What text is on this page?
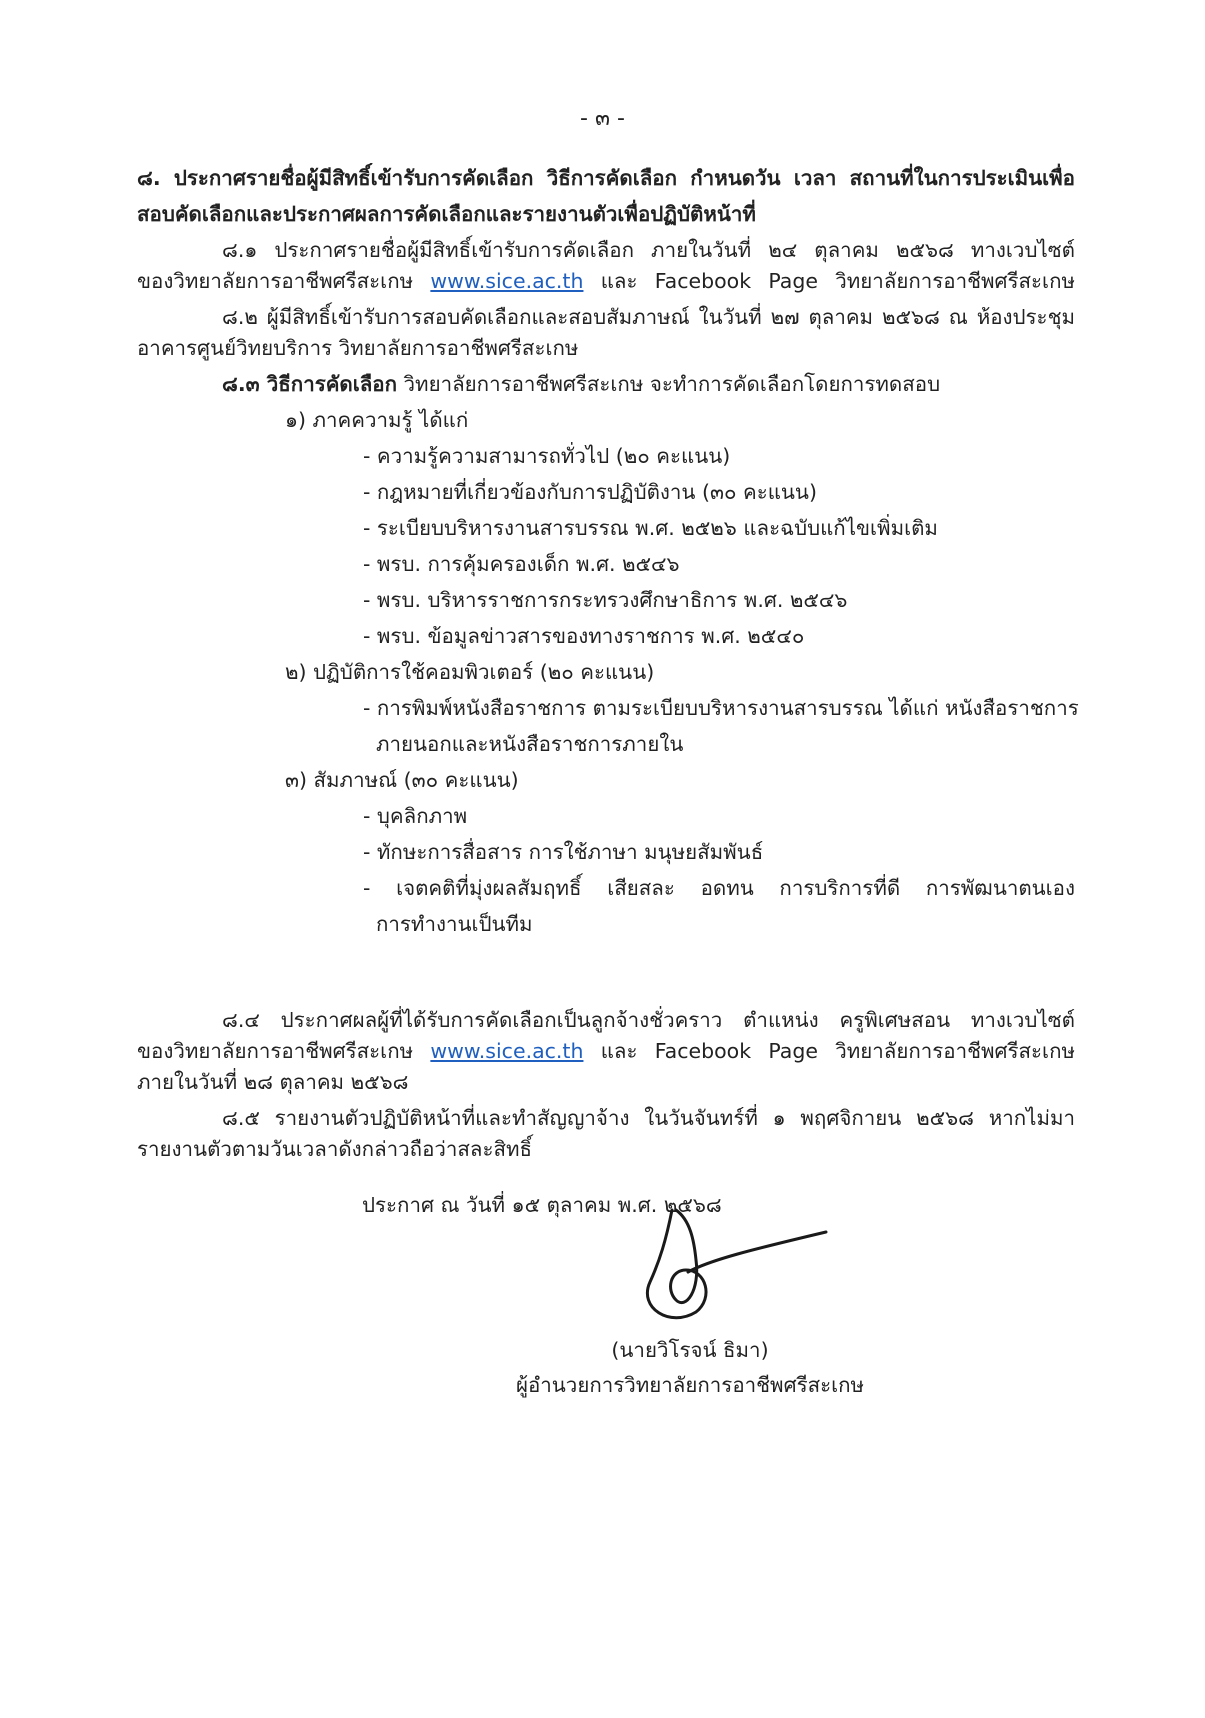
- ๓ -
๘. ประกาศรายชื่อผู้มีสิทธิ์เข้ารับการคัดเลือก วิธีการคัดเลือก กำหนดวัน เวลา สถานที่ในการประเมินเพื่อ
สอบคัดเลือกและประกาศผลการคัดเลือกและรายงานตัวเพื่อปฏิบัติหน้าที่
๘.๑ ประกาศรายชื่อผู้มีสิทธิ์เข้ารับการคัดเลือก ภายในวันที่ ๒๔ ตุลาคม ๒๕๖๘ ทางเวบไซต์
ของวิทยาลัยการอาชีพศรีสะเกษ www.sice.ac.th และ Facebook Page วิทยาลัยการอาชีพศรีสะเกษ
๘.๒ ผู้มีสิทธิ์เข้ารับการสอบคัดเลือกและสอบสัมภาษณ์ ในวันที่ ๒๗ ตุลาคม ๒๕๖๘ ณ ห้องประชุม
อาคารศูนย์วิทยบริการ วิทยาลัยการอาชีพศรีสะเกษ
๘.๓ วิธีการคัดเลือก วิทยาลัยการอาชีพศรีสะเกษ จะทำการคัดเลือกโดยการทดสอบ
๑) ภาคความรู้ ได้แก่
- ความรู้ความสามารถทั่วไป (๒๐ คะแนน)
- กฎหมายที่เกี่ยวข้องกับการปฏิบัติงาน (๓๐ คะแนน)
- ระเบียบบริหารงานสารบรรณ พ.ศ. ๒๕๒๖ และฉบับแก้ไขเพิ่มเติม
- พรบ. การคุ้มครองเด็ก พ.ศ. ๒๕๔๖
- พรบ. บริหารราชการกระทรวงศึกษาธิการ พ.ศ. ๒๕๔๖
- พรบ. ข้อมูลข่าวสารของทางราชการ พ.ศ. ๒๕๔๐
๒) ปฏิบัติการใช้คอมพิวเตอร์ (๒๐ คะแนน)
- การพิมพ์หนังสือราชการ ตามระเบียบบริหารงานสารบรรณ ได้แก่ หนังสือราชการ
ภายนอกและหนังสือราชการภายใน
๓) สัมภาษณ์ (๓๐ คะแนน)
- บุคลิกภาพ
- ทักษะการสื่อสาร การใช้ภาษา มนุษยสัมพันธ์
- เจตคติที่มุ่งผลสัมฤทธิ์ เสียสละ อดทน การบริการที่ดี การพัฒนาตนเอง
การทำงานเป็นทีม
๘.๔ ประกาศผลผู้ที่ได้รับการคัดเลือกเป็นลูกจ้างชั่วคราว ตำแหน่ง ครูพิเศษสอน ทางเวบไซต์
ของวิทยาลัยการอาชีพศรีสะเกษ www.sice.ac.th และ Facebook Page วิทยาลัยการอาชีพศรีสะเกษ
ภายในวันที่ ๒๘ ตุลาคม ๒๕๖๘
๘.๕ รายงานตัวปฏิบัติหน้าที่และทำสัญญาจ้าง ในวันจันทร์ที่ ๑ พฤศจิกายน ๒๕๖๘ หากไม่มา
รายงานตัวตามวันเวลาดังกล่าวถือว่าสละสิทธิ์
ประกาศ ณ วันที่ ๑๕ ตุลาคม พ.ศ. ๒๕๖๘
(นายวิโรจน์ ธิมา)
ผู้อำนวยการวิทยาลัยการอาชีพศรีสะเกษ
